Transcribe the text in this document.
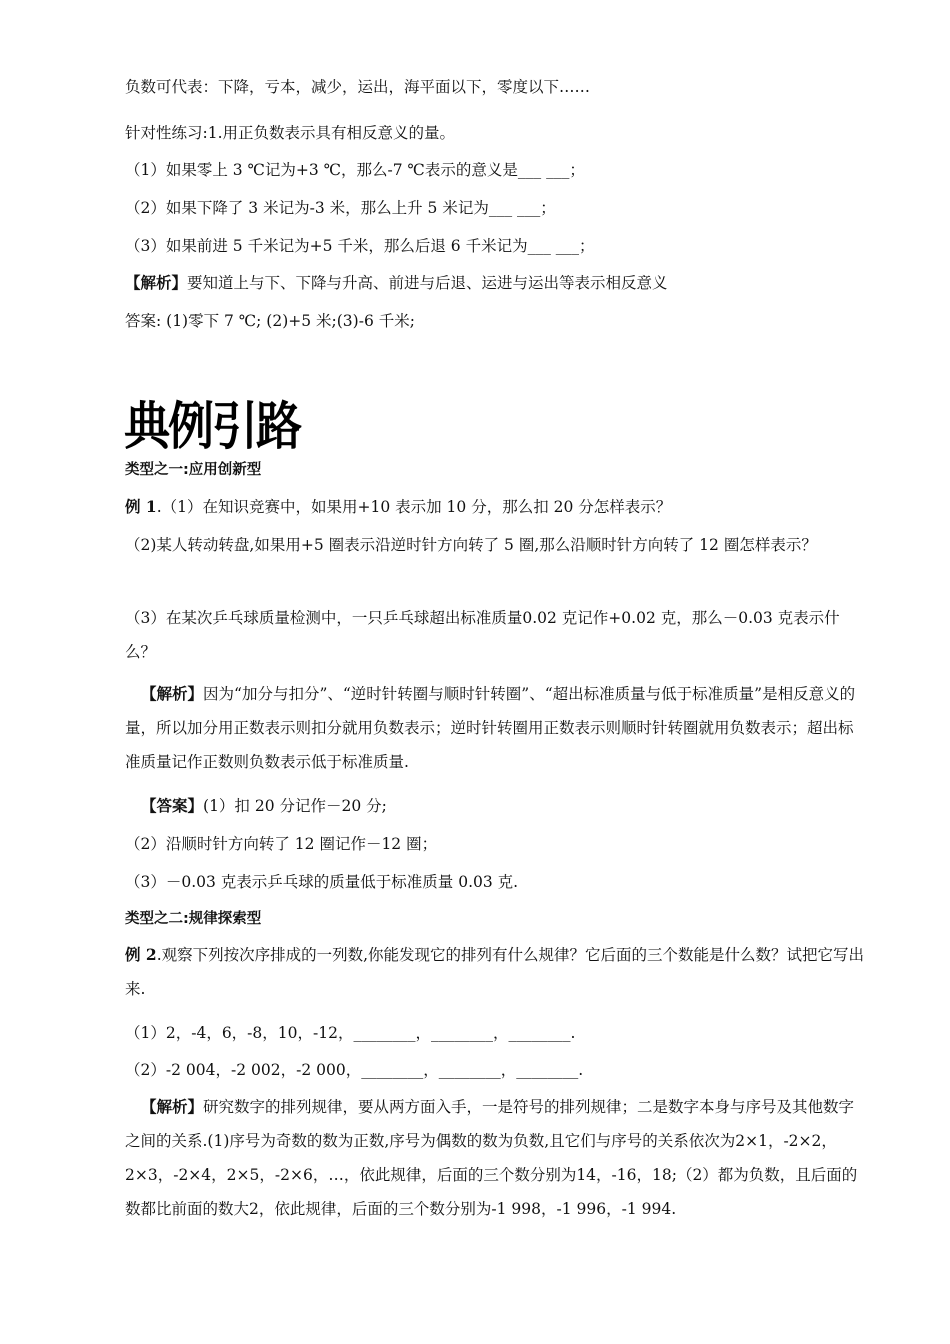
负数可代表：下降，亏本，减少，运出，海平面以下，零度以下……
针对性练习:1.用正负数表示具有相反意义的量。
（1）如果零上 3 ℃记为+3 ℃，那么-7 ℃表示的意义是___ ___；
（2）如果下降了 3 米记为-3 米，那么上升 5 米记为___ ___；
（3）如果前进 5 千米记为+5 千米，那么后退 6 千米记为___ ___；
【解析】要知道上与下、下降与升高、前进与后退、运进与运出等表示相反意义
答案: (1)零下 7 ℃; (2)+5 米;(3)-6 千米;
典例引路
类型之一:应用创新型
例 1.（1）在知识竞赛中，如果用+10 表示加 10 分，那么扣 20 分怎样表示？
（2)某人转动转盘,如果用+5 圈表示沿逆时针方向转了 5 圈,那么沿顺时针方向转了 12 圈怎样表示？
（3）在某次乒乓球质量检测中，一只乒乓球超出标准质量0.02 克记作+0.02 克，那么－0.03 克表示什么？
【解析】因为“加分与扣分”、“逆时针转圈与顺时针转圈”、“超出标准质量与低于标准质量”是相反意义的量，所以加分用正数表示则扣分就用负数表示；逆时针转圈用正数表示则顺时针转圈就用负数表示；超出标准质量记作正数则负数表示低于标准质量.
【答案】(1）扣 20 分记作－20 分;
（2）沿顺时针方向转了 12 圈记作－12 圈；
（3）－0.03 克表示乒乓球的质量低于标准质量 0.03 克.
类型之二:规律探索型
例 2.观察下列按次序排成的一列数,你能发现它的排列有什么规律？它后面的三个数能是什么数？试把它写出来.
（1）2，-4，6，-8，10，-12，________，________，________.
（2）-2 004，-2 002，-2 000，________，________，________.
【解析】研究数字的排列规律，要从两方面入手，一是符号的排列规律；二是数字本身与序号及其他数字之间的关系.(1)序号为奇数的数为正数,序号为偶数的数为负数,且它们与序号的关系依次为2×1，-2×2，2×3，-2×4，2×5，-2×6，…，依此规律，后面的三个数分别为14，-16，18;（2）都为负数，且后面的数都比前面的数大2，依此规律，后面的三个数分别为-1 998，-1 996，-1 994.
